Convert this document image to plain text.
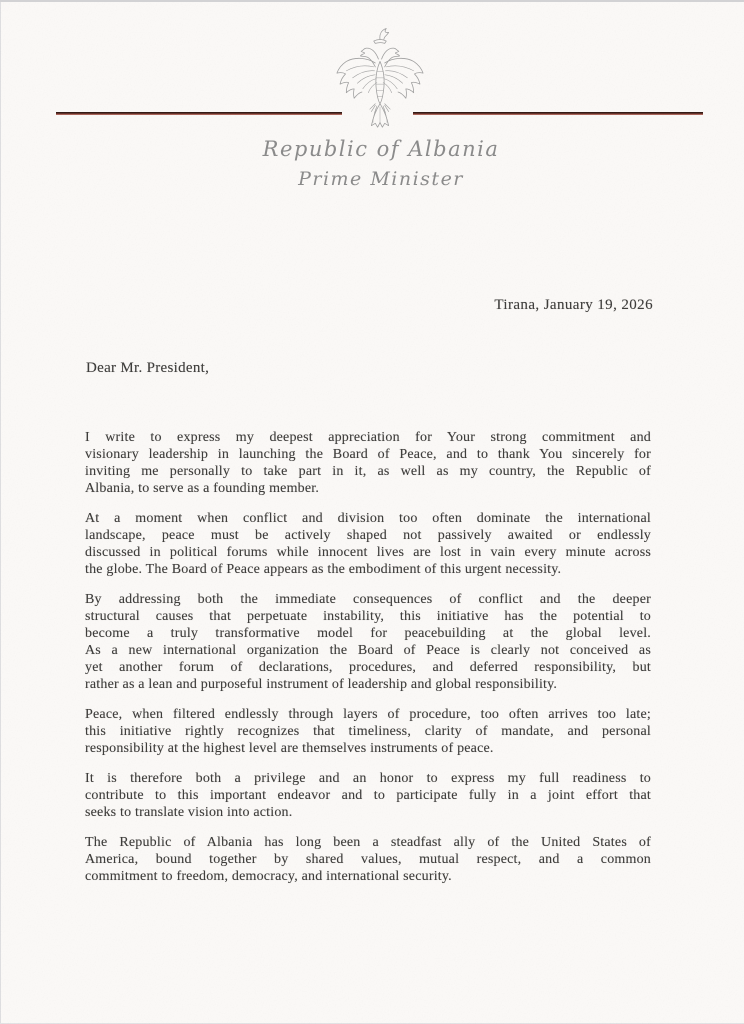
Republic of Albania
Prime Minister
Tirana, January 19, 2026
Dear Mr. President,
I write to express my deepest appreciation for Your strong commitment and
visionary leadership in launching the Board of Peace, and to thank You sincerely for
inviting me personally to take part in it, as well as my country, the Republic of
Albania, to serve as a founding member.
At a moment when conflict and division too often dominate the international
landscape, peace must be actively shaped not passively awaited or endlessly
discussed in political forums while innocent lives are lost in vain every minute across
the globe. The Board of Peace appears as the embodiment of this urgent necessity.
By addressing both the immediate consequences of conflict and the deeper
structural causes that perpetuate instability, this initiative has the potential to
become a truly transformative model for peacebuilding at the global level.
As a new international organization the Board of Peace is clearly not conceived as
yet another forum of declarations, procedures, and deferred responsibility, but
rather as a lean and purposeful instrument of leadership and global responsibility.
Peace, when filtered endlessly through layers of procedure, too often arrives too late;
this initiative rightly recognizes that timeliness, clarity of mandate, and personal
responsibility at the highest level are themselves instruments of peace.
It is therefore both a privilege and an honor to express my full readiness to
contribute to this important endeavor and to participate fully in a joint effort that
seeks to translate vision into action.
The Republic of Albania has long been a steadfast ally of the United States of
America, bound together by shared values, mutual respect, and a common
commitment to freedom, democracy, and international security.
